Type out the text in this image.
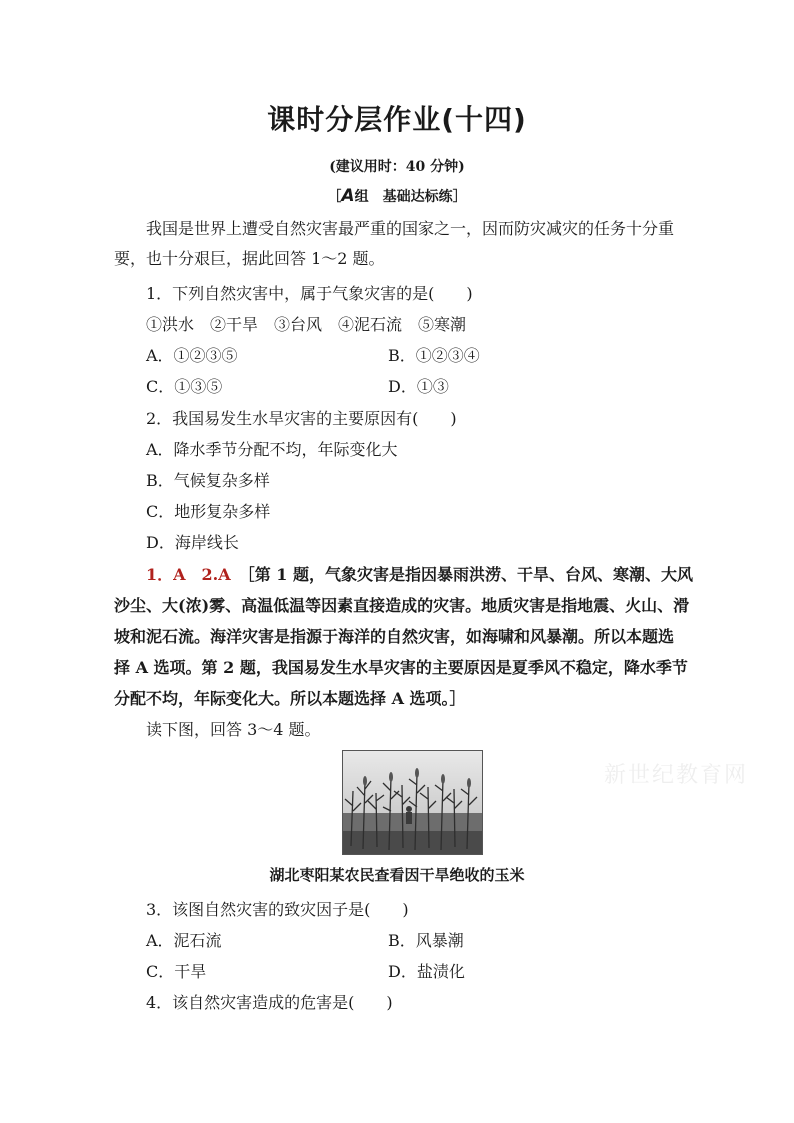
课时分层作业(十四)
(建议用时：40 分钟)
［A组　基础达标练］
我国是世界上遭受自然灾害最严重的国家之一，因而防灾减灾的任务十分重
要，也十分艰巨，据此回答 1～2 题。
1．下列自然灾害中，属于气象灾害的是(　　)
①洪水　②干旱　③台风　④泥石流　⑤寒潮
A．①②③⑤	B．①②③④
C．①③⑤	D．①③
2．我国易发生水旱灾害的主要原因有(　　)
A．降水季节分配不均，年际变化大
B．气候复杂多样
C．地形复杂多样
D．海岸线长
1．A　2.A　 ［第 1 题，气象灾害是指因暴雨洪涝、干旱、台风、寒潮、大风
沙尘、大(浓)雾、高温低温等因素直接造成的灾害。地质灾害是指地震、火山、滑
坡和泥石流。海洋灾害是指源于海洋的自然灾害，如海啸和风暴潮。所以本题选
择 A 选项。第 2 题，我国易发生水旱灾害的主要原因是夏季风不稳定，降水季节
分配不均，年际变化大。所以本题选择 A 选项。］
读下图，回答 3～4 题。
新世纪教育网
湖北枣阳某农民查看因干旱绝收的玉米
3．该图自然灾害的致灾因子是(　　)
A．泥石流	B．风暴潮
C．干旱	D．盐渍化
4．该自然灾害造成的危害是(　　)
